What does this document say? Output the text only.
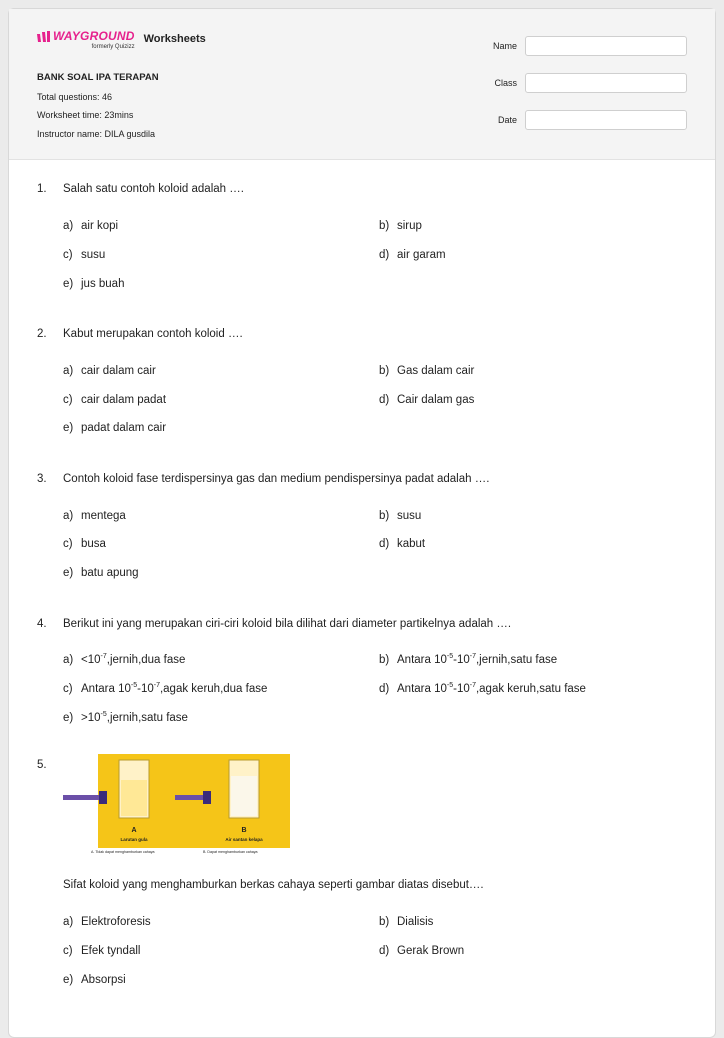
WAYGROUND
formerly Quizizz
Worksheets
BANK SOAL IPA TERAPAN
Total questions: 46
Worksheet time: 23mins
Instructor name: DILA gusdila
Name
Class
Date
1.	Salah satu contoh koloid adalah ….
a) air kopi	b) sirup
c) susu	d) air garam
e) jus buah
2.	Kabut merupakan contoh koloid ….
a) cair dalam cair	b) Gas dalam cair
c) cair dalam padat	d) Cair dalam gas
e) padat dalam cair
3.	Contoh koloid fase terdispersinya gas dan medium pendispersinya padat adalah ….
a) mentega	b) susu
c) busa	d) kabut
e) batu apung
4.	Berikut ini yang merupakan ciri-ciri koloid bila dilihat dari diameter partikelnya adalah ….
$a) <10^{-7},jernih,dua$ fase	b) Antara $10^{-5}-10^{-7},jernih,satu$ fase
c) Antara $10^{-5}-10^{-7},agak$ keruh,dua fase	d) Antara $10^{-5}-10^{-7},agak$ keruh,satu fase
$e) >10^{-5},jernih,satu$ fase
5.
A
Larutan gula
B
Air santan kelapa
A. Tidak dapat menghamburkan cahaya	B. Dapat menghamburkan cahaya
Sifat koloid yang menghamburkan berkas cahaya seperti gambar diatas disebut….
a) Elektroforesis	b) Dialisis
c) Efek tyndall	d) Gerak Brown
e) Absorpsi
